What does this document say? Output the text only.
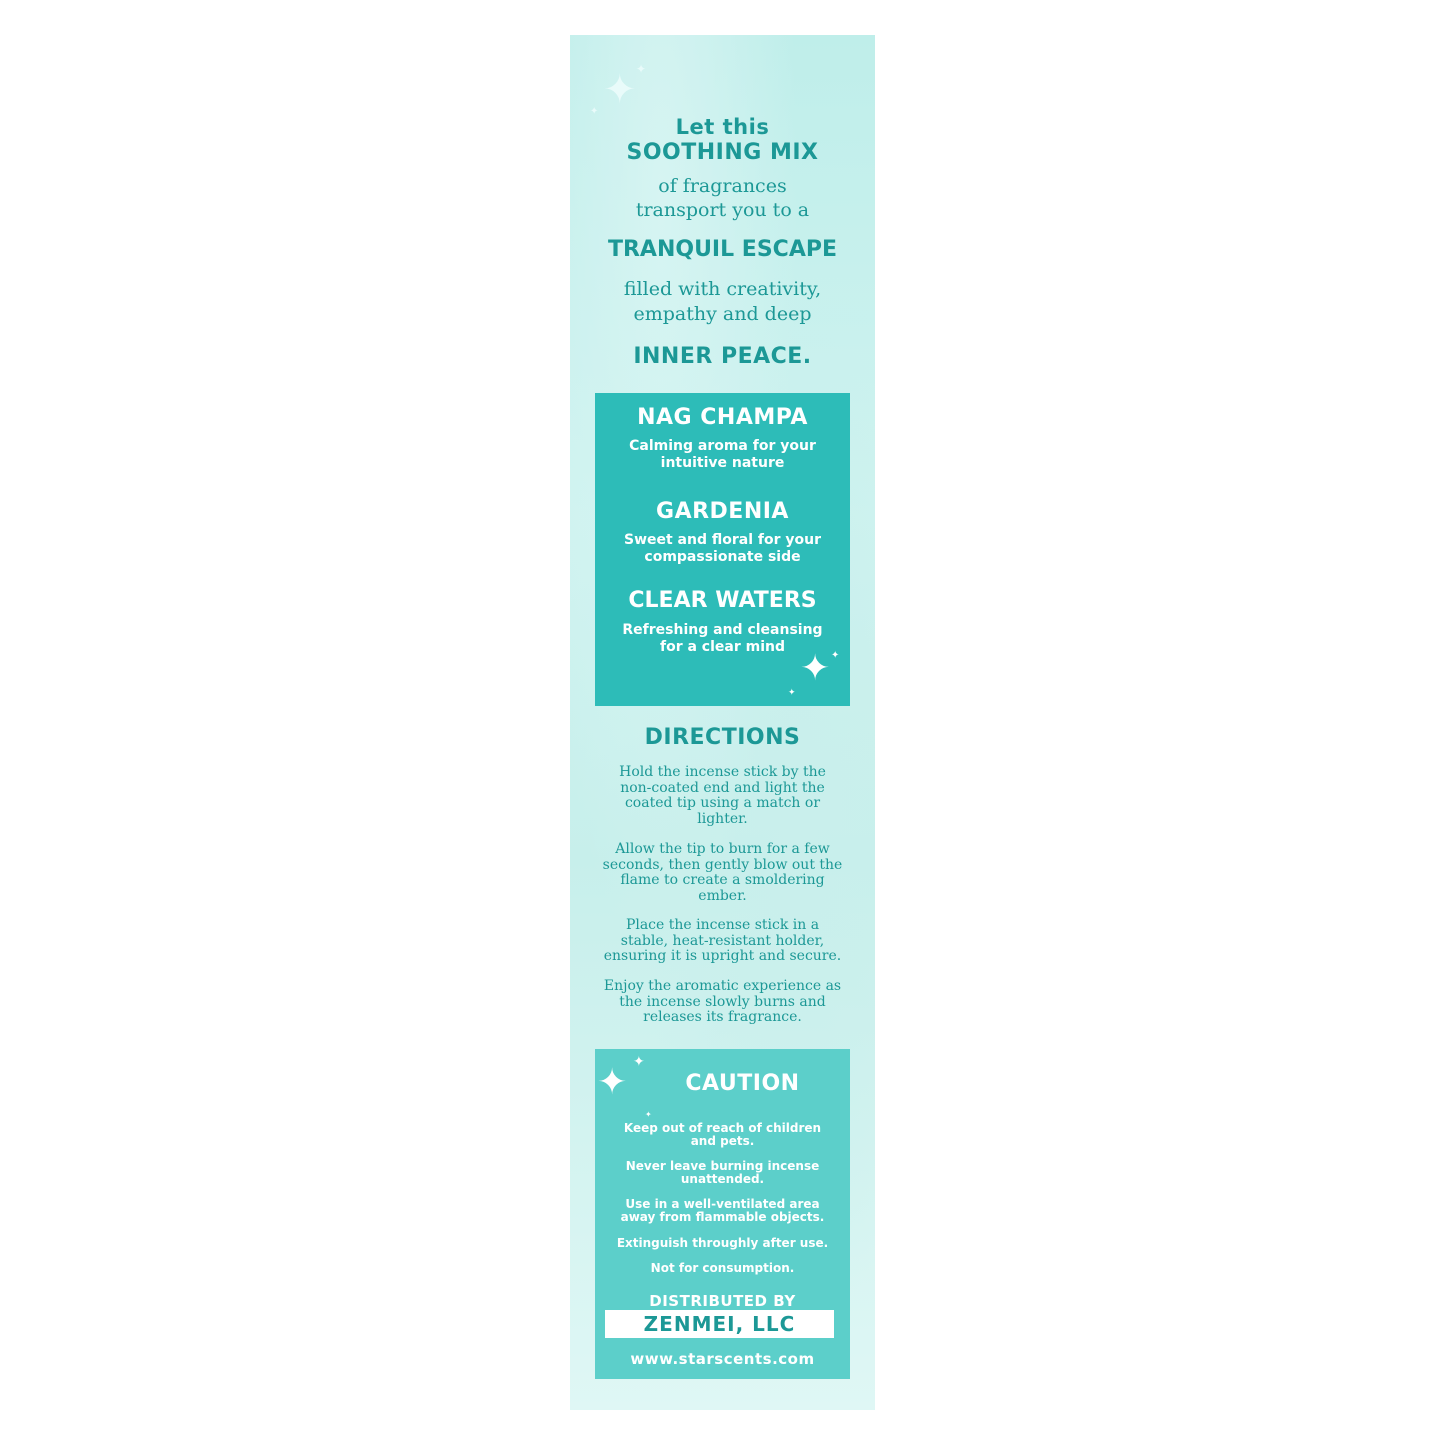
✦ ✦
✦
Let this
SOOTHING MIX
of fragrances
transport you to a
TRANQUIL ESCAPE
filled with creativity,
empathy and deep
INNER PEACE.
NAG CHAMPA
Calming aroma for your
intuitive nature
GARDENIA
Sweet and floral for your
compassionate side
CLEAR WATERS
Refreshing and cleansing
for a clear mind
✦ ✦
✦
DIRECTIONS
Hold the incense stick by the
non-coated end and light the
coated tip using a match or
lighter.
Allow the tip to burn for a few
seconds, then gently blow out the
flame to create a smoldering
ember.
Place the incense stick in a
stable, heat-resistant holder,
ensuring it is upright and secure.
Enjoy the aromatic experience as
the incense slowly burns and
releases its fragrance.
✦ ✦
✦
CAUTION
Keep out of reach of children
and pets.
Never leave burning incense
unattended.
Use in a well-ventilated area
away from flammable objects.
Extinguish throughly after use.
Not for consumption.
DISTRIBUTED BY
ZENMEI, LLC
www.starscents.com
